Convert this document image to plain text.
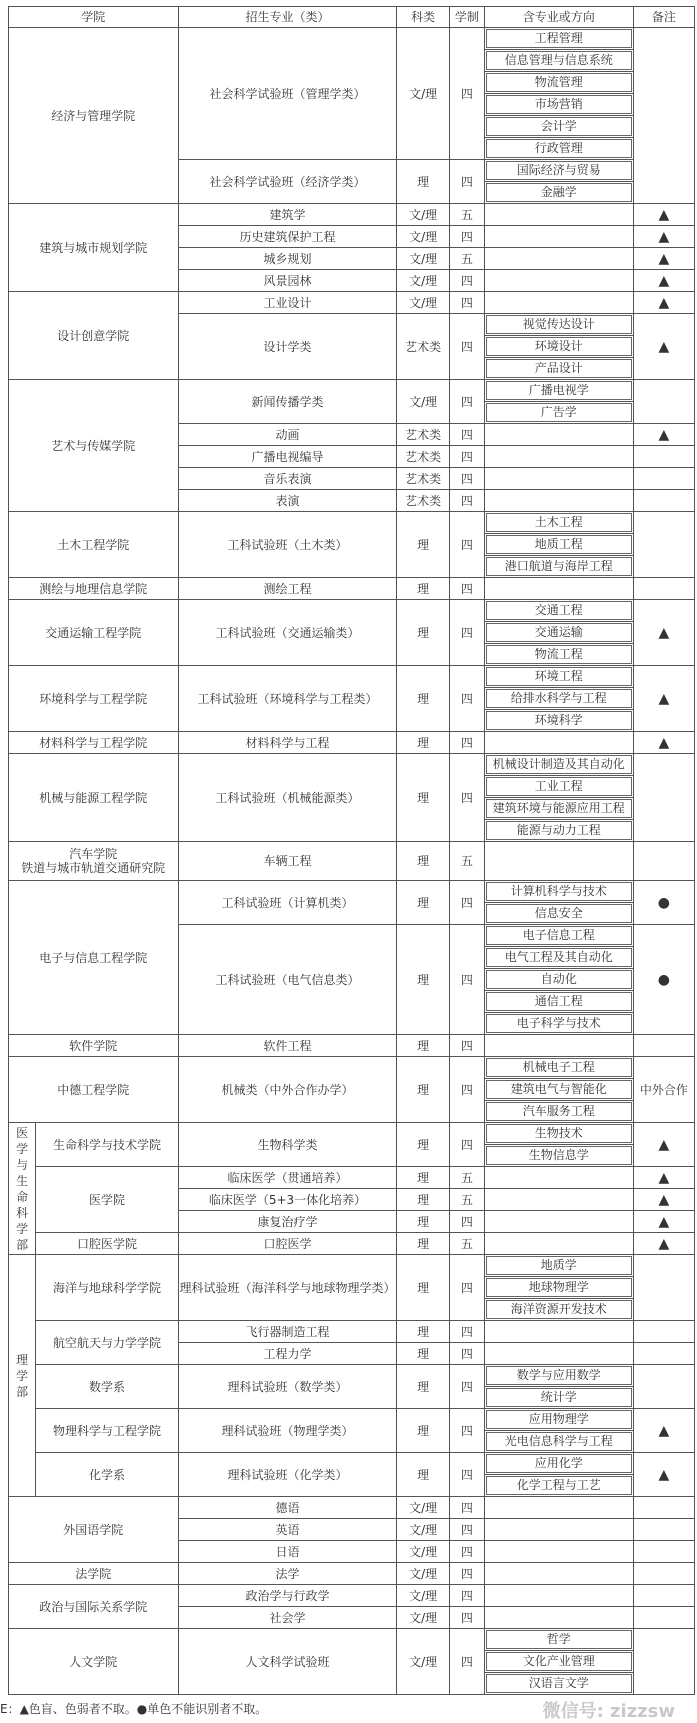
学院		招生专业（类）	科类	学制	含专业或方向	备注
经济与管理学院		社会科学试验班（管理学类）	文/理	四	工程管理	

					信息管理与信息系统	

					物流管理	

					市场营销	

					会计学	

					行政管理	

		社会科学试验班（经济学类）	理	四	国际经济与贸易	

					金融学	

建筑与城市规划学院		建筑学	文/理	五		▲
		历史建筑保护工程	文/理	四		▲
		城乡规划	文/理	五		▲
		风景园林	文/理	四		▲
设计创意学院		工业设计	文/理	四		▲
		设计学类	艺术类	四	视觉传达设计	▲

					环境设计	

					产品设计	

艺术与传媒学院		新闻传播学类	文/理	四	广播电视学	

					广告学	

		动画	艺术类	四		▲
		广播电视编导	艺术类	四		
		音乐表演	艺术类	四		
		表演	艺术类	四		
土木工程学院		工科试验班（土木类）	理	四	土木工程	

					地质工程	

					港口航道与海岸工程	

测绘与地理信息学院		测绘工程	理	四		
交通运输工程学院		工科试验班（交通运输类）	理	四	交通工程	▲

					交通运输	

					物流工程	

环境科学与工程学院		工科试验班（环境科学与工程类）	理	四	环境工程	▲

					给排水科学与工程	

					环境科学	

材料科学与工程学院		材料科学与工程	理	四		▲
机械与能源工程学院		工科试验班（机械能源类）	理	四	机械设计制造及其自动化	

					工业工程	

					建筑环境与能源应用工程	

					能源与动力工程	

汽车学院
铁道与城市轨道交通研究院		车辆工程	理	五		
电子与信息工程学院		工科试验班（计算机类）	理	四	计算机科学与技术	●

					信息安全	

		工科试验班（电气信息类）	理	四	电子信息工程	●

					电气工程及其自动化	

					自动化	

					通信工程	

					电子科学与技术	

软件学院		软件工程	理	四		
中德工程学院		机械类（中外合作办学）	理	四	机械电子工程	中外合作

					建筑电气与智能化	

					汽车服务工程	

医学与生命科学部	生命科学与技术学院	生物科学类	理	四	生物技术	▲

					生物信息学	

	医学院	临床医学（贯通培养）	理	五		▲
		临床医学（5+3一体化培养）	理	五		▲
		康复治疗学	理	四		▲
	口腔医学院	口腔医学	理	五		▲
理学部	海洋与地球科学学院	理科试验班（海洋科学与地球物理学类）	理	四	地质学	

					地球物理学	

					海洋资源开发技术	

	航空航天与力学学院	飞行器制造工程	理	四		
		工程力学	理	四		
	数学系	理科试验班（数学类）	理	四	数学与应用数学	

					统计学	

	物理科学与工程学院	理科试验班（物理学类）	理	四	应用物理学	▲

					光电信息科学与工程	

	化学系	理科试验班（化学类）	理	四	应用化学	▲

					化学工程与工艺	

外国语学院		德语	文/理	四		
		英语	文/理	四		
		日语	文/理	四		
法学院		法学	文/理	四		
政治与国际关系学院		政治学与行政学	文/理	四		
		社会学	文/理	四		
人文学院		人文科学试验班	文/理	四	哲学	

					文化产业管理	

					汉语言文学	
E：▲色盲、色弱者不取。●单色不能识别者不取。	微信号: zizzsw
